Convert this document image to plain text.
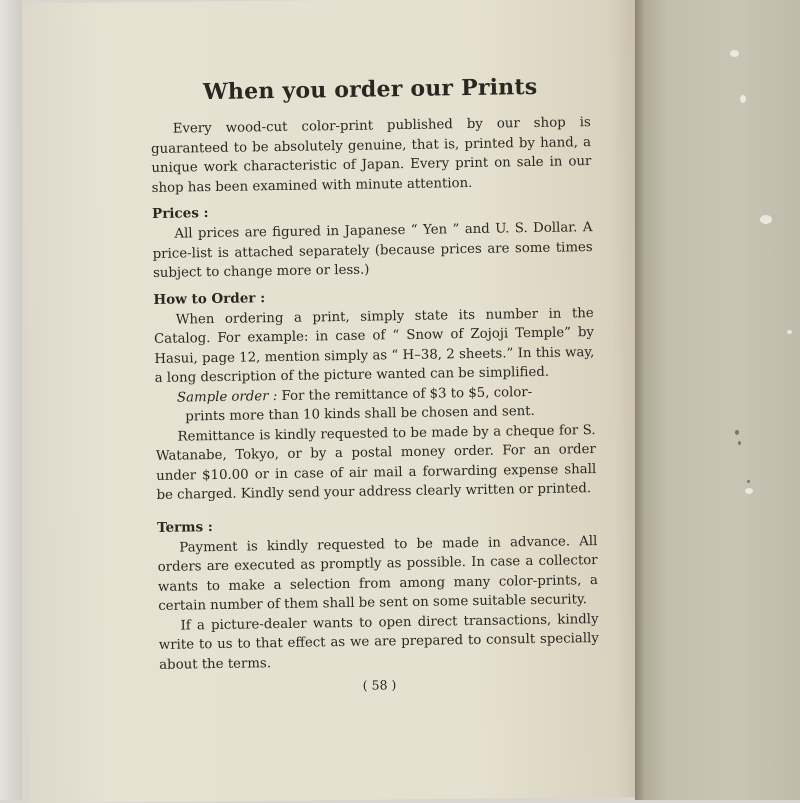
When you order our Prints

Every wood-cut color-print published by our shop is guaranteed to be absolutely genuine, that is, printed by hand, a unique work characteristic of Japan. Every print on sale in our shop has been examined with minute attention.

Prices :

All prices are figured in Japanese “ Yen ” and U. S. Dollar. A price-list is attached separately (because prices are some times subject to change more or less.)

How to Order :

When ordering a print, simply state its number in the Catalog. For example: in case of “ Snow of Zojoji Temple” by Hasui, page 12, mention simply as “ H–38, 2 sheets.” In this way, a long description of the picture wanted can be simplified.

Sample order : For the remittance of $3 to $5, color-

prints more than 10 kinds shall be chosen and sent.

Remittance is kindly requested to be made by a cheque for S. Watanabe, Tokyo, or by a postal money order. For an order under $10.00 or in case of air mail a forwarding expense shall be charged. Kindly send your address clearly written or printed.

Terms :

Payment is kindly requested to be made in advance. All orders are executed as promptly as possible. In case a collector wants to make a selection from among many color-prints, a certain number of them shall be sent on some suitable security.

If a picture-dealer wants to open direct transactions, kindly write to us to that effect as we are prepared to consult specially about the terms.

( 58 )
